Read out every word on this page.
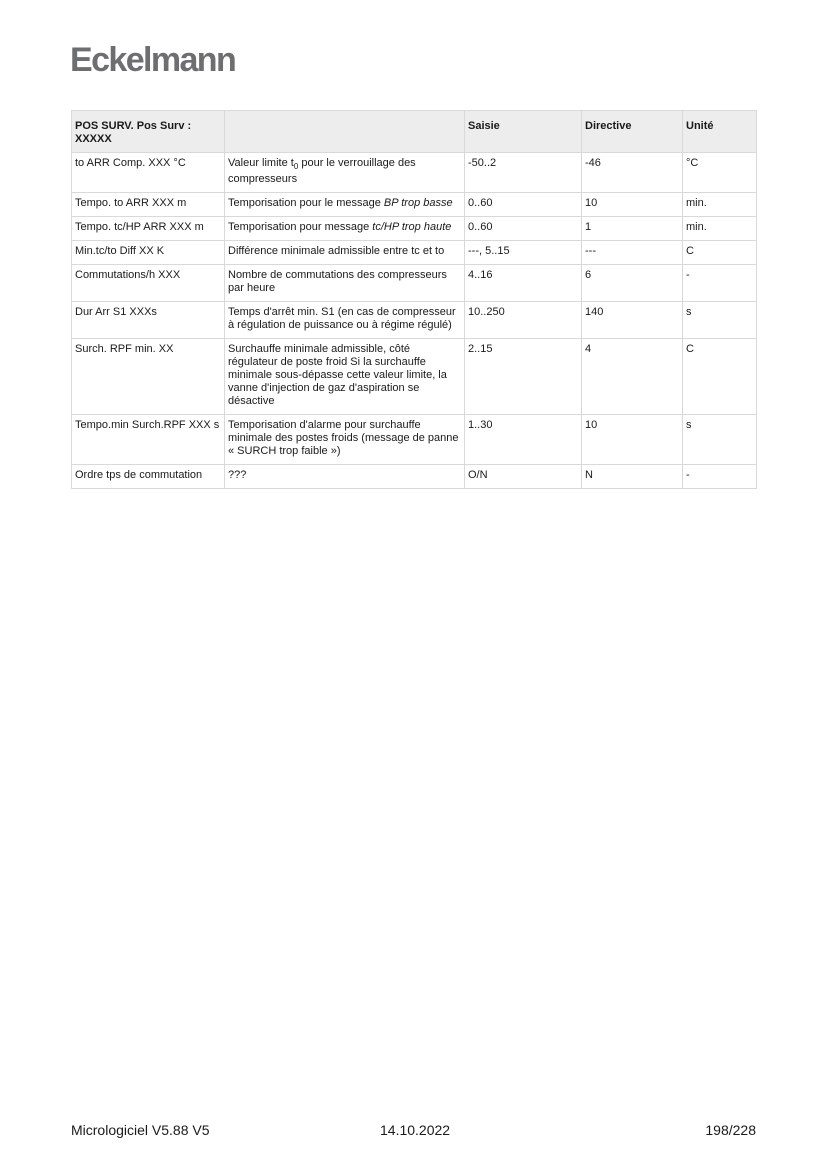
Eckelmann
POS SURV. Pos Surv : XXXXX		Saisie	Directive	Unité
to ARR Comp. XXX °C	Valeur limite $t_0$ pour le verrouillage des compresseurs	-50..2	-46	°C
Tempo. to ARR XXX m	Temporisation pour le message BP trop basse	0..60	10	min.
Tempo. tc/HP ARR XXX m	Temporisation pour message tc/HP trop haute	0..60	1	min.
Min.tc/to Diff XX K	Différence minimale admissible entre tc et to	---, 5..15	---	C
Commutations/h XXX	Nombre de commutations des compresseurs par heure	4..16	6	-
Dur Arr S1 XXXs	Temps d'arrêt min. S1 (en cas de compresseur à régulation de puissance ou à régime régulé)	10..250	140	s
Surch. RPF min. XX	Surchauffe minimale admissible, côté régulateur de poste froid Si la surchauffe minimale sous-dépasse cette valeur limite, la vanne d'injection de gaz d'aspiration se désactive	2..15	4	C
Tempo.min Surch.RPF XXX s	Temporisation d'alarme pour surchauffe minimale des postes froids (message de panne « SURCH trop faible »)	1..30	10	s
Ordre tps de commutation	???	O/N	N	-
Micrologiciel V5.88 V5	14.10.2022	198/228
